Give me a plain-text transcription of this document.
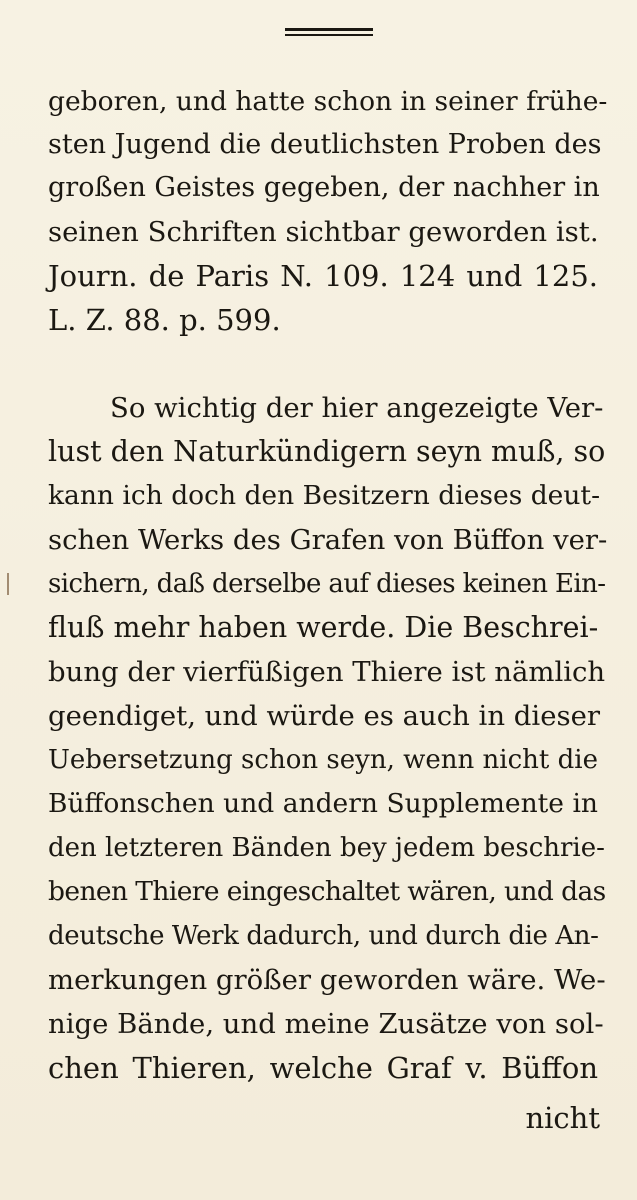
geboren, und hatte schon in seiner frühe-
sten Jugend die deutlichsten Proben des
großen Geistes gegeben, der nachher in
seinen Schriften sichtbar geworden ist.
Journ. de Paris N. 109. 124 und 125.
L. Z. 88. p. 599.
So wichtig der hier angezeigte Ver-
lust den Naturkündigern seyn muß, so
kann ich doch den Besitzern dieses deut-
schen Werks des Grafen von Büffon ver-
sichern, daß derselbe auf dieses keinen Ein-
fluß mehr haben werde. Die Beschrei-
bung der vierfüßigen Thiere ist nämlich
geendiget, und würde es auch in dieser
Uebersetzung schon seyn, wenn nicht die
Büffonschen und andern Supplemente in
den letzteren Bänden bey jedem beschrie-
benen Thiere eingeschaltet wären, und das
deutsche Werk dadurch, und durch die An-
merkungen größer geworden wäre. We-
nige Bände, und meine Zusätze von sol-
chen Thieren, welche Graf v. Büffon
nicht
